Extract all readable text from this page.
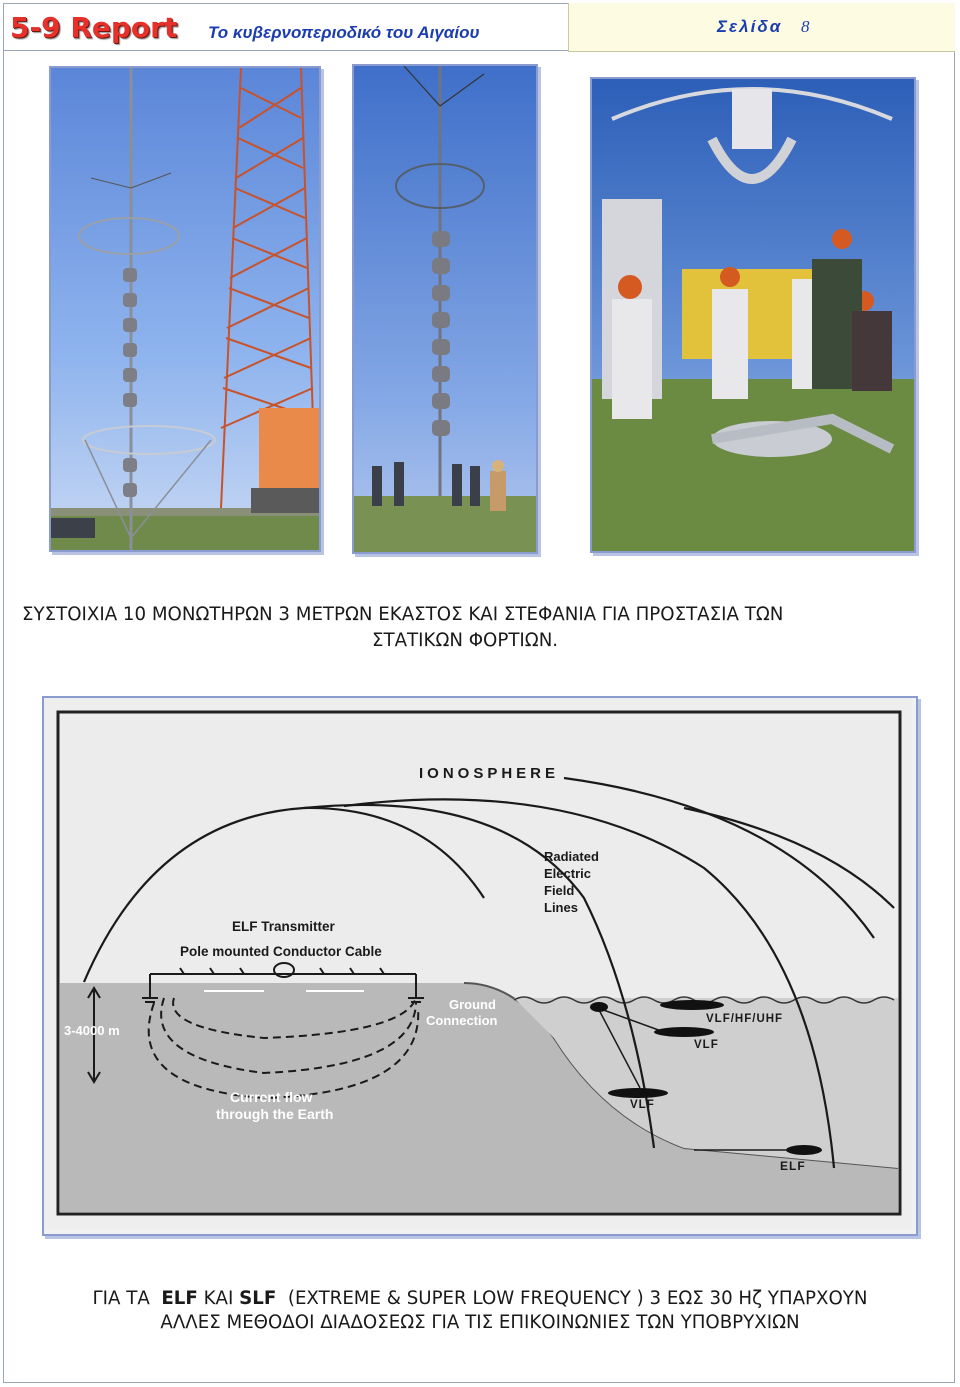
5-9 Report Το κυβερνοπεριοδικό του Αιγαίου	Σελίδα 8
ΣΥΣΤΟΙΧΙΑ 10 ΜΟΝΩΤΗΡΩΝ 3 ΜΕΤΡΩΝ ΕΚΑΣΤΟΣ ΚΑΙ ΣΤΕΦΑΝΙΑ ΓΙΑ ΠΡΟΣΤΑΣΙΑ ΤΩΝ
ΣΤΑΤΙΚΩΝ ΦΟΡΤΙΩΝ.
IONOSPHERE
Radiated
Electric
Field
Lines
ELF Transmitter
Pole mounted Conductor Cable
Ground
Connection
3-4000 m
Current flow
through the Earth
VLF/HF/UHF
VLF
VLF
ELF
ΓΙΑ ΤΑ ELF ΚΑΙ SLF (EXTREME & SUPER LOW FREQUENCY ) 3 ΕΩΣ 30 Ηζ ΥΠΑΡΧΟΥΝ
ΑΛΛΕΣ ΜΕΘΟΔΟΙ ΔΙΑΔΟΣΕΩΣ ΓΙΑ ΤΙΣ ΕΠΙΚΟΙΝΩΝΙΕΣ ΤΩΝ ΥΠΟΒΡΥΧΙΩΝ
